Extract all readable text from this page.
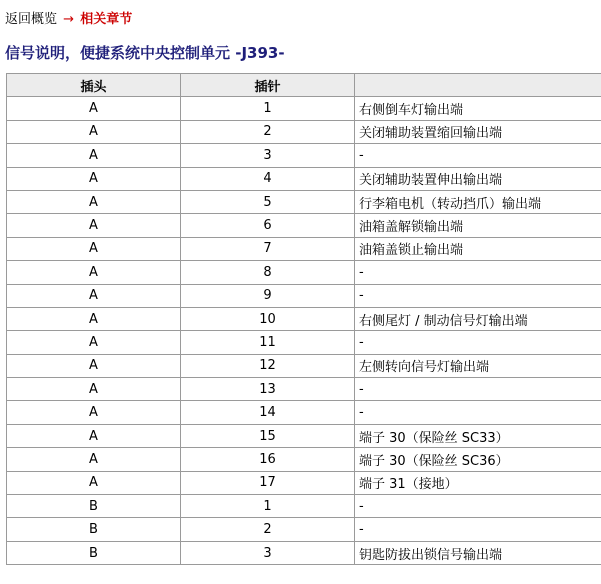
返回概览 → 相关章节
信号说明，便捷系统中央控制单元 -J393-
插头	插针	
A	1	右侧倒车灯输出端
A	2	关闭辅助装置缩回输出端
A	3	-
A	4	关闭辅助装置伸出输出端
A	5	行李箱电机（转动挡爪）输出端
A	6	油箱盖解锁输出端
A	7	油箱盖锁止输出端
A	8	-
A	9	-
A	10	右侧尾灯 / 制动信号灯输出端
A	11	-
A	12	左侧转向信号灯输出端
A	13	-
A	14	-
A	15	端子 30（保险丝 SC33）
A	16	端子 30（保险丝 SC36）
A	17	端子 31（接地）
B	1	-
B	2	-
B	3	钥匙防拔出锁信号输出端
